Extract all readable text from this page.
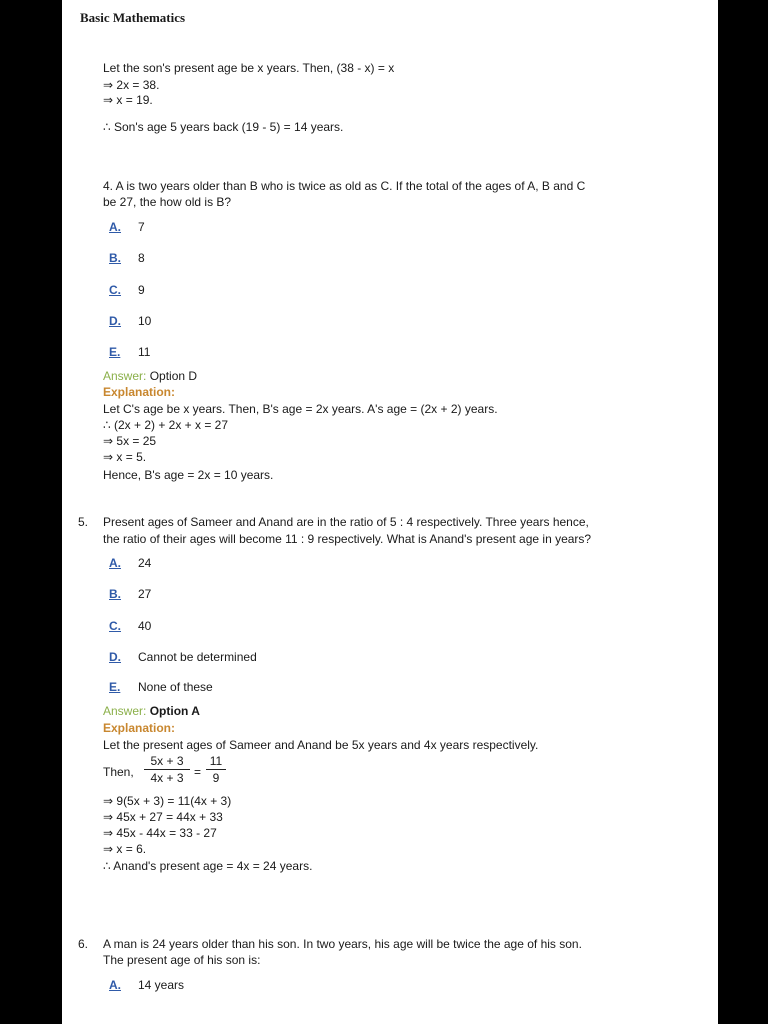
Basic Mathematics
Let the son's present age be x years. Then, (38 - x) = x
⇒ 2x = 38.
⇒ x = 19.
∴ Son's age 5 years back (19 - 5) = 14 years.
4. A is two years older than B who is twice as old as C. If the total of the ages of A, B and C
be 27, the how old is B?
A. 7
B. 8
C. 9
D. 10
E. 11
Answer: Option D
Explanation:
Let C's age be x years. Then, B's age = 2x years. A's age = (2x + 2) years.
∴ (2x + 2) + 2x + x = 27
⇒ 5x = 25
⇒ x = 5.
Hence, B's age = 2x = 10 years.
5. Present ages of Sameer and Anand are in the ratio of 5 : 4 respectively. Three years hence,
the ratio of their ages will become 11 : 9 respectively. What is Anand's present age in years?
A. 24
B. 27
C. 40
D. Cannot be determined
E. None of these
Answer: Option A
Explanation:
Let the present ages of Sameer and Anand be 5x years and 4x years respectively.
Then,
5x + 3
4x + 3 =
11
9
⇒ 9(5x + 3) = 11(4x + 3)
⇒ 45x + 27 = 44x + 33
⇒ 45x - 44x = 33 - 27
⇒ x = 6.
∴ Anand's present age = 4x = 24 years.
6. A man is 24 years older than his son. In two years, his age will be twice the age of his son.
The present age of his son is:
A. 14 years
